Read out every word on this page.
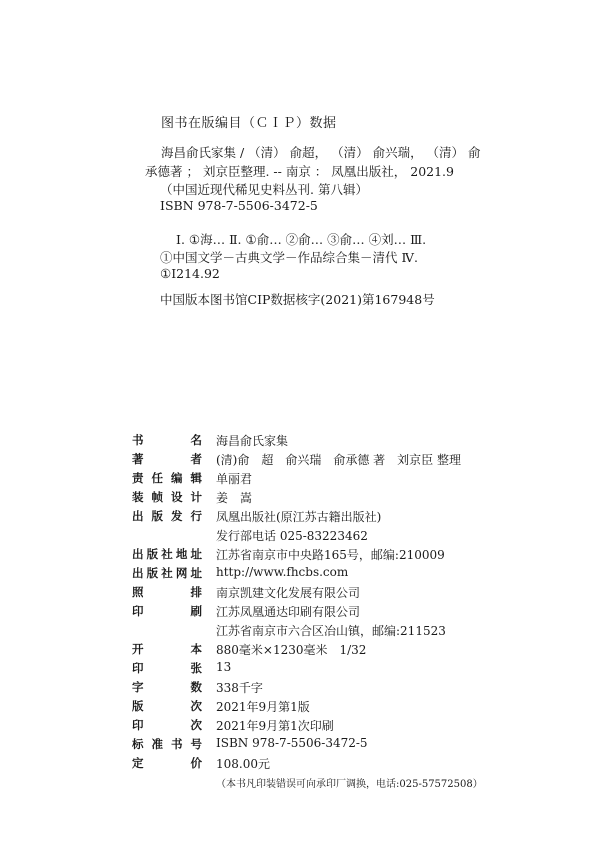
图书在版编目（ＣＩＰ）数据
海昌俞氏家集 / （清） 俞超， （清） 俞兴瑞， （清） 俞
承德著 ； 刘京臣整理. -- 南京 ： 凤凰出版社， 2021.9
（中国近现代稀见史料丛刊. 第八辑）
ISBN 978-7-5506-3472-5
Ⅰ. ①海… Ⅱ. ①俞… ②俞… ③俞… ④刘… Ⅲ.
①中国文学－古典文学－作品综合集－清代 Ⅳ.
①I214.92
中国版本图书馆CIP数据核字(2021)第167948号
书	名 海昌俞氏家集
著	者 (清)俞　超　俞兴瑞　俞承德 著　刘京臣 整理
责 任 编 辑 单丽君
装 帧 设 计 姜　嵩
出 版 发 行 凤凰出版社(原江苏古籍出版社)
发行部电话 025-83223462
出 版 社 地 址 江苏省南京市中央路165号，邮编:210009
出 版 社 网 址 http://www.fhcbs.com
照	排 南京凯建文化发展有限公司
印	刷 江苏凤凰通达印刷有限公司
江苏省南京市六合区冶山镇，邮编:211523
开	本 880毫米×1230毫米　1/32
印	张 13
字	数 338千字
版	次 2021年9月第1版
印	次 2021年9月第1次印刷
标 准 书 号 ISBN 978-7-5506-3472-5
定	价 108.00元
（本书凡印装错误可向承印厂调换，电话:025-57572508）
